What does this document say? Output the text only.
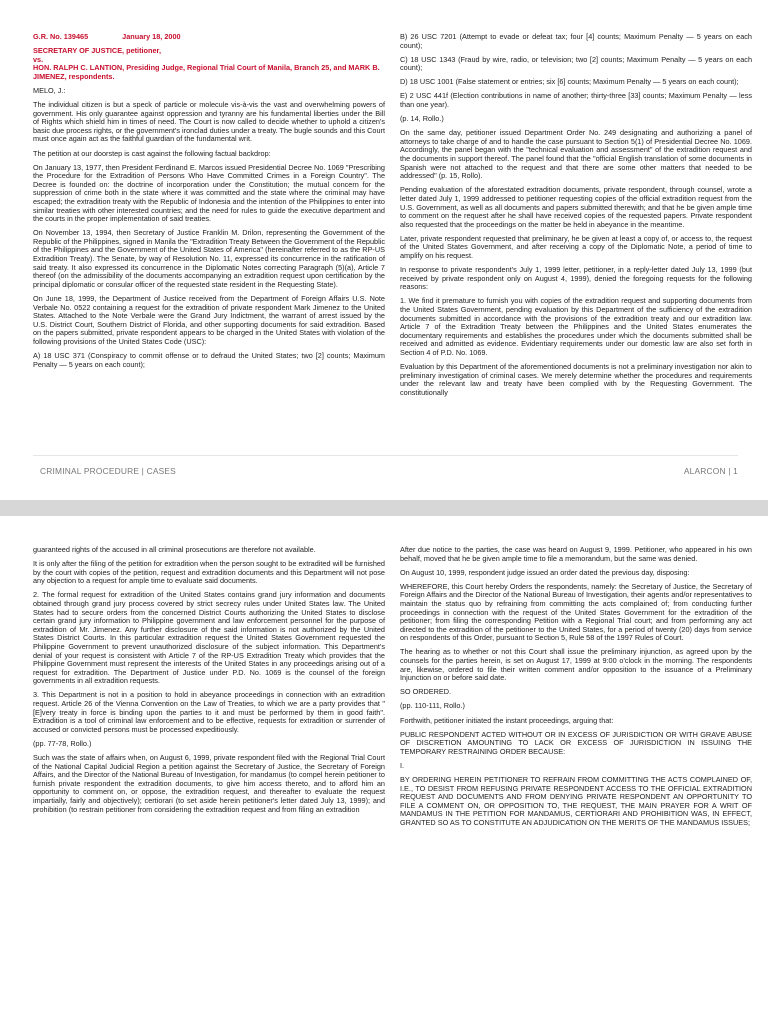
G.R. No. 139465	January 18, 2000

SECRETARY OF JUSTICE, petitioner,

vs.

HON. RALPH C. LANTION, Presiding Judge, Regional Trial Court of Manila, Branch 25, and MARK B. JIMENEZ, respondents.

MELO, J.:

The individual citizen is but a speck of particle or molecule vis-à-vis the vast and overwhelming powers of government. His only guarantee against oppression and tyranny are his fundamental liberties under the Bill of Rights which shield him in times of need. The Court is now called to decide whether to uphold a citizen's basic due process rights, or the government's ironclad duties under a treaty. The bugle sounds and this Court must once again act as the faithful guardian of the fundamental writ.

The petition at our doorstep is cast against the following factual backdrop:

On January 13, 1977, then President Ferdinand E. Marcos issued Presidential Decree No. 1069 "Prescribing the Procedure for the Extradition of Persons Who Have Committed Crimes in a Foreign Country". The Decree is founded on: the doctrine of incorporation under the Constitution; the mutual concern for the suppression of crime both in the state where it was committed and the state where the criminal may have escaped; the extradition treaty with the Republic of Indonesia and the intention of the Philippines to enter into similar treaties with other interested countries; and the need for rules to guide the executive department and the courts in the proper implementation of said treaties.

On November 13, 1994, then Secretary of Justice Franklin M. Drilon, representing the Government of the Republic of the Philippines, signed in Manila the "Extradition Treaty Between the Government of the Republic of the Philippines and the Government of the United States of America" (hereinafter referred to as the RP-US Extradition Treaty). The Senate, by way of Resolution No. 11, expressed its concurrence in the ratification of said treaty. It also expressed its concurrence in the Diplomatic Notes correcting Paragraph (5)(a), Article 7 thereof (on the admissibility of the documents accompanying an extradition request upon certification by the principal diplomatic or consular officer of the requested state resident in the Requesting State).

On June 18, 1999, the Department of Justice received from the Department of Foreign Affairs U.S. Note Verbale No. 0522 containing a request for the extradition of private respondent Mark Jimenez to the United States. Attached to the Note Verbale were the Grand Jury Indictment, the warrant of arrest issued by the U.S. District Court, Southern District of Florida, and other supporting documents for said extradition. Based on the papers submitted, private respondent appears to be charged in the United States with violation of the following provisions of the United States Code (USC):

A) 18 USC 371 (Conspiracy to commit offense or to defraud the United States; two [2] counts; Maximum Penalty — 5 years on each count);

B) 26 USC 7201 (Attempt to evade or defeat tax; four [4] counts; Maximum Penalty — 5 years on each count);

C) 18 USC 1343 (Fraud by wire, radio, or television; two [2] counts; Maximum Penalty — 5 years on each count);

D) 18 USC 1001 (False statement or entries; six [6] counts; Maximum Penalty — 5 years on each count);

E) 2 USC 441f (Election contributions in name of another; thirty-three [33] counts; Maximum Penalty — less than one year).

(p. 14, Rollo.)

On the same day, petitioner issued Department Order No. 249 designating and authorizing a panel of attorneys to take charge of and to handle the case pursuant to Section 5(1) of Presidential Decree No. 1069. Accordingly, the panel began with the "technical evaluation and assessment" of the extradition request and the documents in support thereof. The panel found that the "official English translation of some documents in Spanish were not attached to the request and that there are some other matters that needed to be addressed" (p. 15, Rollo).

Pending evaluation of the aforestated extradition documents, private respondent, through counsel, wrote a letter dated July 1, 1999 addressed to petitioner requesting copies of the official extradition request from the U.S. Government, as well as all documents and papers submitted therewith; and that he be given ample time to comment on the request after he shall have received copies of the requested papers. Private respondent also requested that the proceedings on the matter be held in abeyance in the meantime.

Later, private respondent requested that preliminary, he be given at least a copy of, or access to, the request of the United States Government, and after receiving a copy of the Diplomatic Note, a period of time to amplify on his request.

In response to private respondent's July 1, 1999 letter, petitioner, in a reply-letter dated July 13, 1999 (but received by private respondent only on August 4, 1999), denied the foregoing requests for the following reasons:

1. We find it premature to furnish you with copies of the extradition request and supporting documents from the United States Government, pending evaluation by this Department of the sufficiency of the extradition documents submitted in accordance with the provisions of the extradition treaty and our extradition law. Article 7 of the Extradition Treaty between the Philippines and the United States enumerates the documentary requirements and establishes the procedures under which the documents submitted shall be received and admitted as evidence. Evidentiary requirements under our domestic law are also set forth in Section 4 of P.D. No. 1069.

Evaluation by this Department of the aforementioned documents is not a preliminary investigation nor akin to preliminary investigation of criminal cases. We merely determine whether the procedures and requirements under the relevant law and treaty have been complied with by the Requesting Government. The constitutionally

CRIMINAL PROCEDURE | CASES	ALARCON | 1

guaranteed rights of the accused in all criminal prosecutions are therefore not available.

It is only after the filing of the petition for extradition when the person sought to be extradited will be furnished by the court with copies of the petition, request and extradition documents and this Department will not pose any objection to a request for ample time to evaluate said documents.

2. The formal request for extradition of the United States contains grand jury information and documents obtained through grand jury process covered by strict secrecy rules under United States law. The United States had to secure orders from the concerned District Courts authorizing the United States to disclose certain grand jury information to Philippine government and law enforcement personnel for the purpose of extradition of Mr. Jimenez. Any further disclosure of the said information is not authorized by the United States District Courts. In this particular extradition request the United States Government requested the Philippine Government to prevent unauthorized disclosure of the subject information. This Department's denial of your request is consistent with Article 7 of the RP-US Extradition Treaty which provides that the Philippine Government must represent the interests of the United States in any proceedings arising out of a request for extradition. The Department of Justice under P.D. No. 1069 is the counsel of the foreign governments in all extradition requests.

3. This Department is not in a position to hold in abeyance proceedings in connection with an extradition request. Article 26 of the Vienna Convention on the Law of Treaties, to which we are a party provides that "[E]very treaty in force is binding upon the parties to it and must be performed by them in good faith". Extradition is a tool of criminal law enforcement and to be effective, requests for extradition or surrender of accused or convicted persons must be processed expeditiously.

(pp. 77-78, Rollo.)

Such was the state of affairs when, on August 6, 1999, private respondent filed with the Regional Trial Court of the National Capital Judicial Region a petition against the Secretary of Justice, the Secretary of Foreign Affairs, and the Director of the National Bureau of Investigation, for mandamus (to compel herein petitioner to furnish private respondent the extradition documents, to give him access thereto, and to afford him an opportunity to comment on, or oppose, the extradition request, and thereafter to evaluate the request impartially, fairly and objectively); certiorari (to set aside herein petitioner's letter dated July 13, 1999); and prohibition (to restrain petitioner from considering the extradition request and from filing an extradition

After due notice to the parties, the case was heard on August 9, 1999. Petitioner, who appeared in his own behalf, moved that he be given ample time to file a memorandum, but the same was denied.

On August 10, 1999, respondent judge issued an order dated the previous day, disposing:

WHEREFORE, this Court hereby Orders the respondents, namely: the Secretary of Justice, the Secretary of Foreign Affairs and the Director of the National Bureau of Investigation, their agents and/or representatives to maintain the status quo by refraining from committing the acts complained of; from conducting further proceedings in connection with the request of the United States Government for the extradition of the petitioner; from filing the corresponding Petition with a Regional Trial court; and from performing any act directed to the extradition of the petitioner to the United States, for a period of twenty (20) days from service on respondents of this Order, pursuant to Section 5, Rule 58 of the 1997 Rules of Court.

The hearing as to whether or not this Court shall issue the preliminary injunction, as agreed upon by the counsels for the parties herein, is set on August 17, 1999 at 9:00 o'clock in the morning. The respondents are, likewise, ordered to file their written comment and/or opposition to the issuance of a Preliminary Injunction on or before said date.

SO ORDERED.

(pp. 110-111, Rollo.)

Forthwith, petitioner initiated the instant proceedings, arguing that:

PUBLIC RESPONDENT ACTED WITHOUT OR IN EXCESS OF JURISDICTION OR WITH GRAVE ABUSE OF DISCRETION AMOUNTING TO LACK OR EXCESS OF JURISDICTION IN ISSUING THE TEMPORARY RESTRAINING ORDER BECAUSE:

I.

BY ORDERING HEREIN PETITIONER TO REFRAIN FROM COMMITTING THE ACTS COMPLAINED OF, I.E., TO DESIST FROM REFUSING PRIVATE RESPONDENT ACCESS TO THE OFFICIAL EXTRADITION REQUEST AND DOCUMENTS AND FROM DENYING PRIVATE RESPONDENT AN OPPORTUNITY TO FILE A COMMENT ON, OR OPPOSITION TO, THE REQUEST, THE MAIN PRAYER FOR A WRIT OF MANDAMUS IN THE PETITION FOR MANDAMUS, CERTIORARI AND PROHIBITION WAS, IN EFFECT, GRANTED SO AS TO CONSTITUTE AN ADJUDICATION ON THE MERITS OF THE MANDAMUS ISSUES;
